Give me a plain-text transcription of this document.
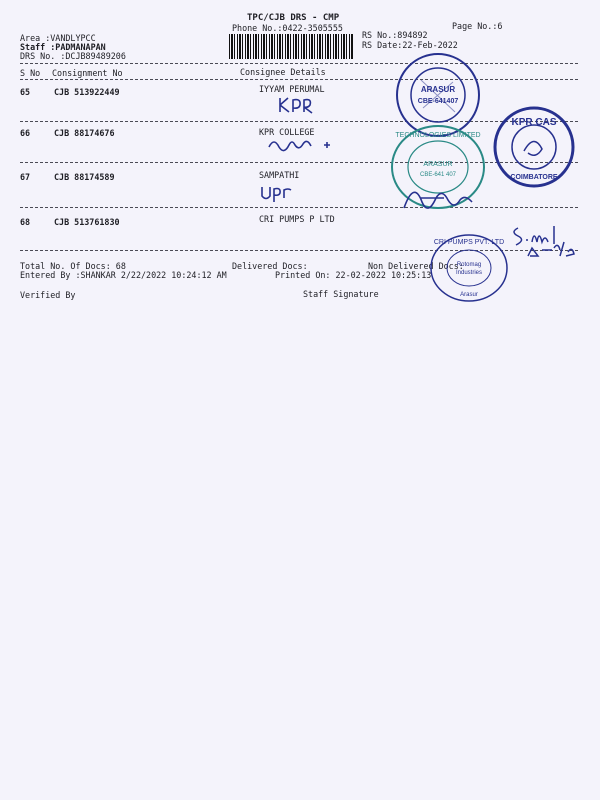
TPC/CJB DRS - CMP
Phone No.:0422-3505555	Page No.:6
Area :VANDLYPCC
Staff :PADMANAPAN
DRS No. :DCJB89489206
RS No.:894892
RS Date:22-Feb-2022
S No Consignment No	Consignee Details
65	CJB 513922449	IYYAM PERUMAL
66	CJB 88174676	KPR COLLEGE
67	CJB 88174589	SAMPATHI
68	CJB 513761830	CRI PUMPS P LTD
Total No. Of Docs: 68	Delivered Docs:	Non Delivered Docs:
Entered By :SHANKAR 2/22/2022 10:24:12 AM	Printed On: 22-02-2022 10:25:13
Verified By	Staff Signature
ARASUR
CBE-641407
KPR CAS
COIMBATORE
TECHNOLOGIES LIMITED
ARASUR
CBE-641 407
CRI PUMPS PVT. LTD
Rotomag
Industries
Arasur
